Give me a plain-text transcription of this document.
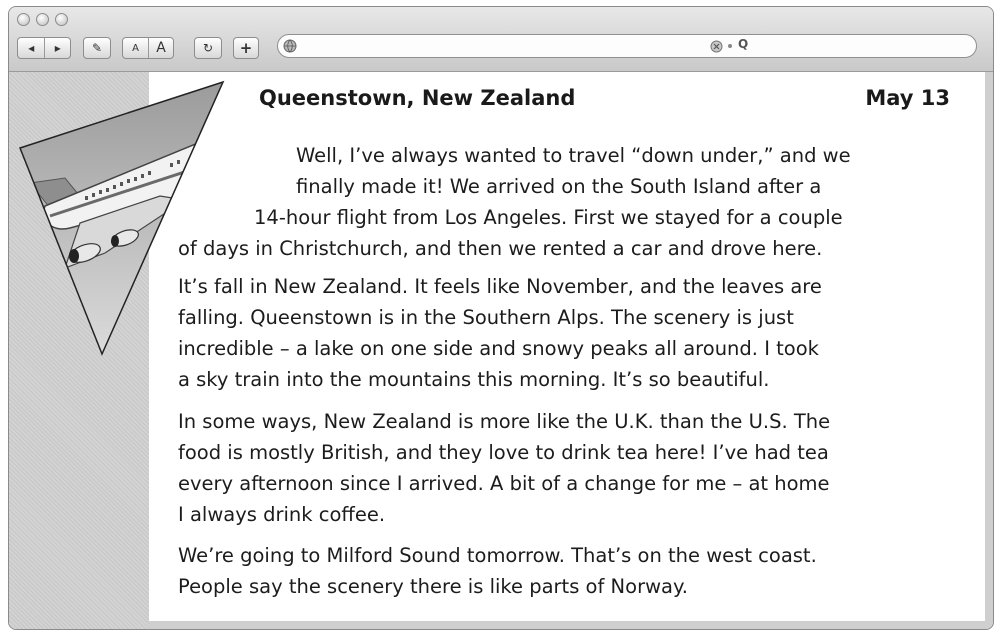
◂ ▸	✎	A A	↻ +	Q
Queenstown, New Zealand	May 13
Well, I’ve always wanted to travel “down under,” and we
finally made it! We arrived on the South Island after a
14-hour flight from Los Angeles. First we stayed for a couple
of days in Christchurch, and then we rented a car and drove here.
It’s fall in New Zealand. It feels like November, and the leaves are
falling. Queenstown is in the Southern Alps. The scenery is just
incredible – a lake on one side and snowy peaks all around. I took
a sky train into the mountains this morning. It’s so beautiful.
In some ways, New Zealand is more like the U.K. than the U.S. The
food is mostly British, and they love to drink tea here! I’ve had tea
every afternoon since I arrived. A bit of a change for me – at home
I always drink coffee.
We’re going to Milford Sound tomorrow. That’s on the west coast.
People say the scenery there is like parts of Norway.
